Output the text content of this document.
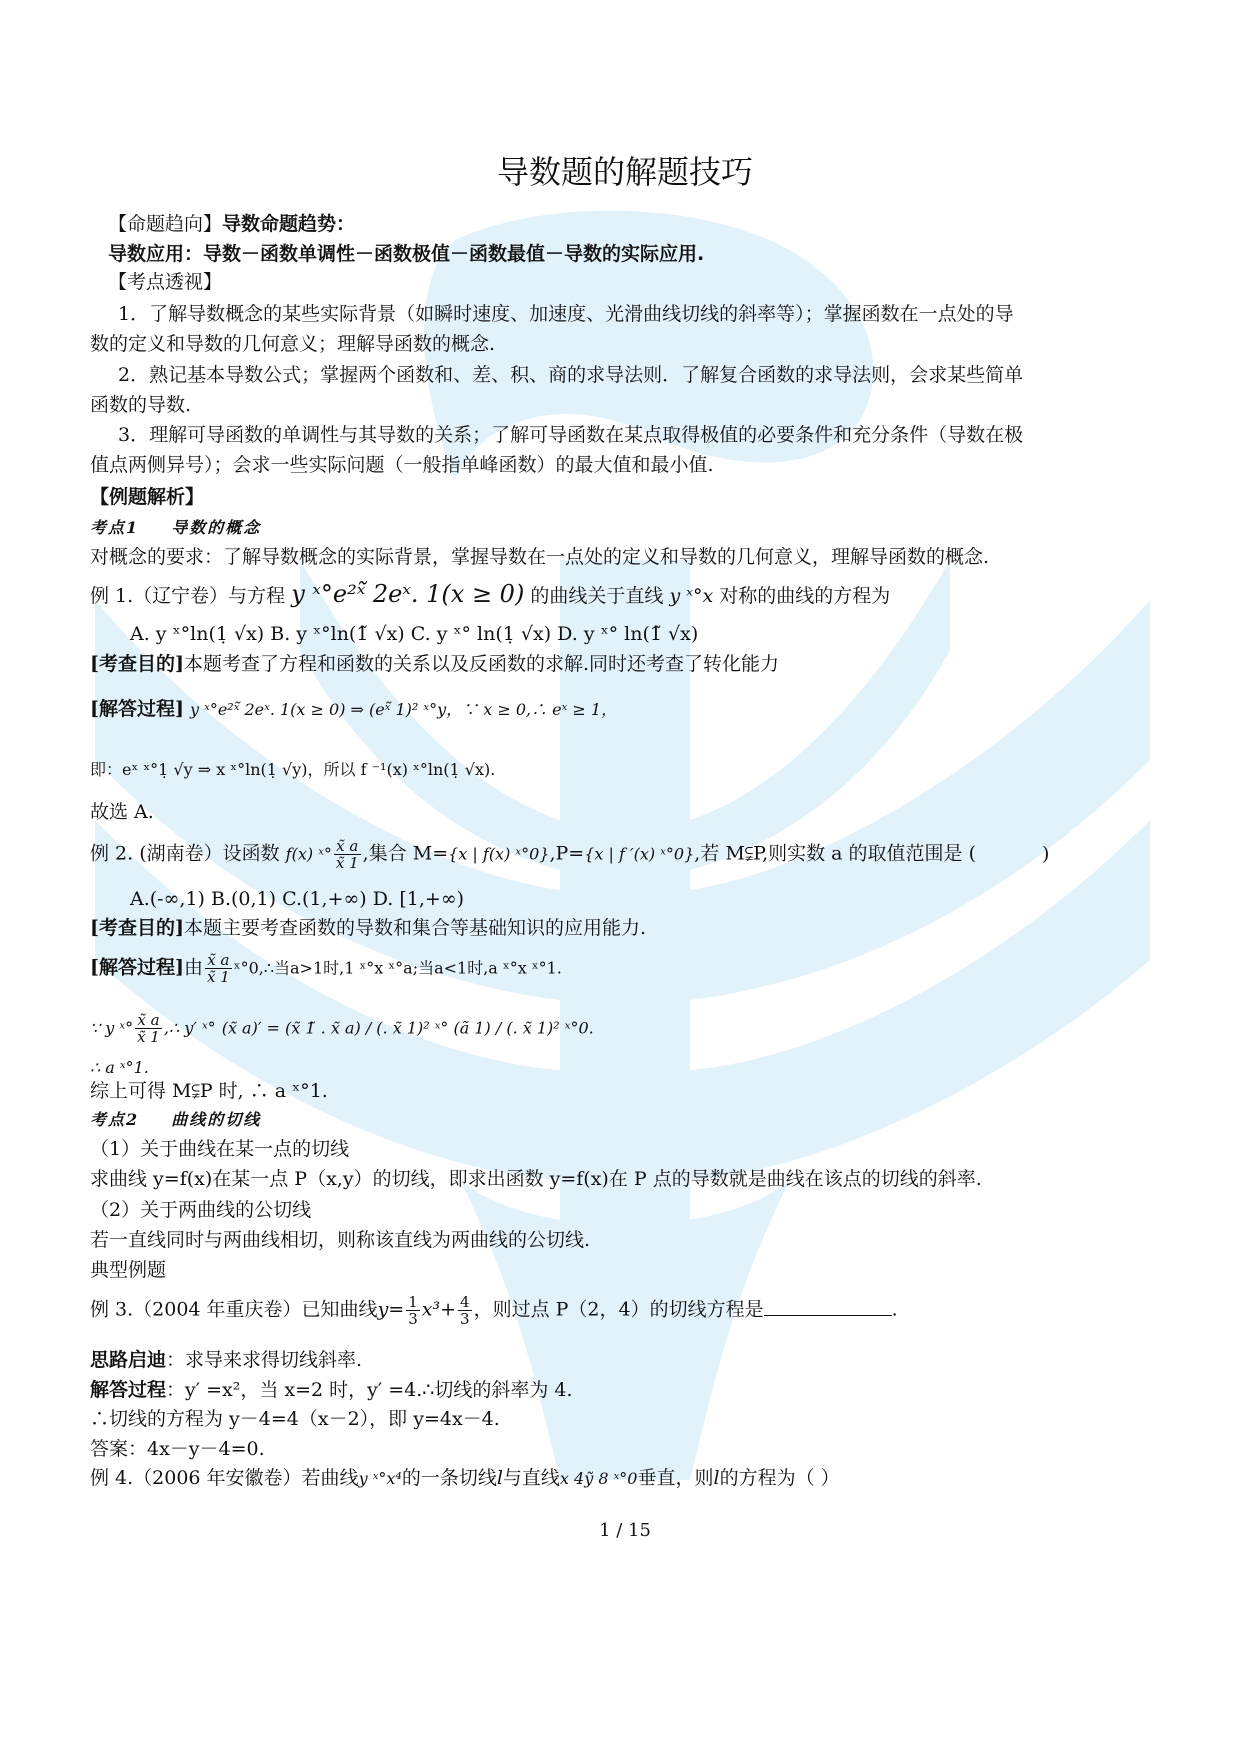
导数题的解题技巧
【命题趋向】导数命题趋势：
导数应用：导数－函数单调性－函数极值－函数最值－导数的实际应用.
【考点透视】
1．了解导数概念的某些实际背景（如瞬时速度、加速度、光滑曲线切线的斜率等）；掌握函数在一点处的导
数的定义和导数的几何意义；理解导函数的概念.
2．熟记基本导数公式；掌握两个函数和、差、积、商的求导法则．了解复合函数的求导法则，会求某些简单
函数的导数.
3．理解可导函数的单调性与其导数的关系；了解可导函数在某点取得极值的必要条件和充分条件（导数在极
值点两侧异号）；会求一些实际问题（一般指单峰函数）的最大值和最小值.
【例题解析】
考点1 导数的概念
对概念的要求：了解导数概念的实际背景，掌握导数在一点处的定义和导数的几何意义，理解导函数的概念.
例 1.（辽宁卷）与方程 y ˣ°e²ˣ̃ 2eˣ. 1(x ≥ 0) 的曲线关于直线 y ˣ°x 对称的曲线的方程为
A. y ˣ°ln(1̣ √x) B. y ˣ°ln(1̃ √x) C. y ˣ° ln(1̣ √x) D. y ˣ° ln(1̃ √x)
[考查目的]本题考查了方程和函数的关系以及反函数的求解.同时还考查了转化能力
[解答过程] y ˣ°e²ˣ̃ 2eˣ. 1(x ≥ 0) ⇒ (eˣ̃ 1)² ˣ°y，∵ x ≥ 0,∴ eˣ ≥ 1，
即：eˣ ˣ°1̣ √y ⇒ x ˣ°ln(1̣ √y)，所以 f ⁻¹(x) ˣ°ln(1̣ √x).
故选 A.
例 2. (湖南卷）设函数 f(x) ˣ° $\frac{x̃ a}{x̃ 1}$ ,集合 M={x | f(x) ˣ°0},P={x | f ′(x) ˣ°0},若 M⫋P,则实数 a 的取值范围是 (	)
A.(-∞,1) B.(0,1) C.(1,+∞) D. [1,+∞)
[考查目的]本题主要考查函数的导数和集合等基础知识的应用能力.
[解答过程]由 $\frac{x̃ a}{x̃ 1}$ ˣ°0,∴当a>1时,1 ˣ°x ˣ°a;当a<1时,a ˣ°x ˣ°1.
∵ y ˣ° $\frac{x̃ a}{x̃ 1}$ ,∴ y′ ˣ° (x̃ a)′ = (x̃ 1̃ . x̃ a) / (. x̃ 1)² ˣ° (ã 1) / (. x̃ 1)² ˣ°0.
∴ a ˣ°1.
综上可得 M⫋P 时, ∴ a ˣ°1.
考点2 曲线的切线
（1）关于曲线在某一点的切线
求曲线 y=f(x)在某一点 P（x,y）的切线，即求出函数 y=f(x)在 P 点的导数就是曲线在该点的切线的斜率.
（2）关于两曲线的公切线
若一直线同时与两曲线相切，则称该直线为两曲线的公切线.
典型例题
例 3.（2004 年重庆卷）已知曲线$y= \frac{1}{3} x^3+ \frac{4}{3}$ ，则过点 P（2，4）的切线方程是	.
思路启迪：求导来求得切线斜率.
解答过程：y′ =x²，当 x=2 时，y′ =4.∴切线的斜率为 4.
∴切线的方程为 y－4=4（x－2），即 y=4x－4.
答案：4x－y－4=0.
例 4.（2006 年安徽卷）若曲线y ˣ°x⁴的一条切线l与直线x 4ỹ 8 ˣ°0垂直，则l的方程为（ ）
1 / 15
